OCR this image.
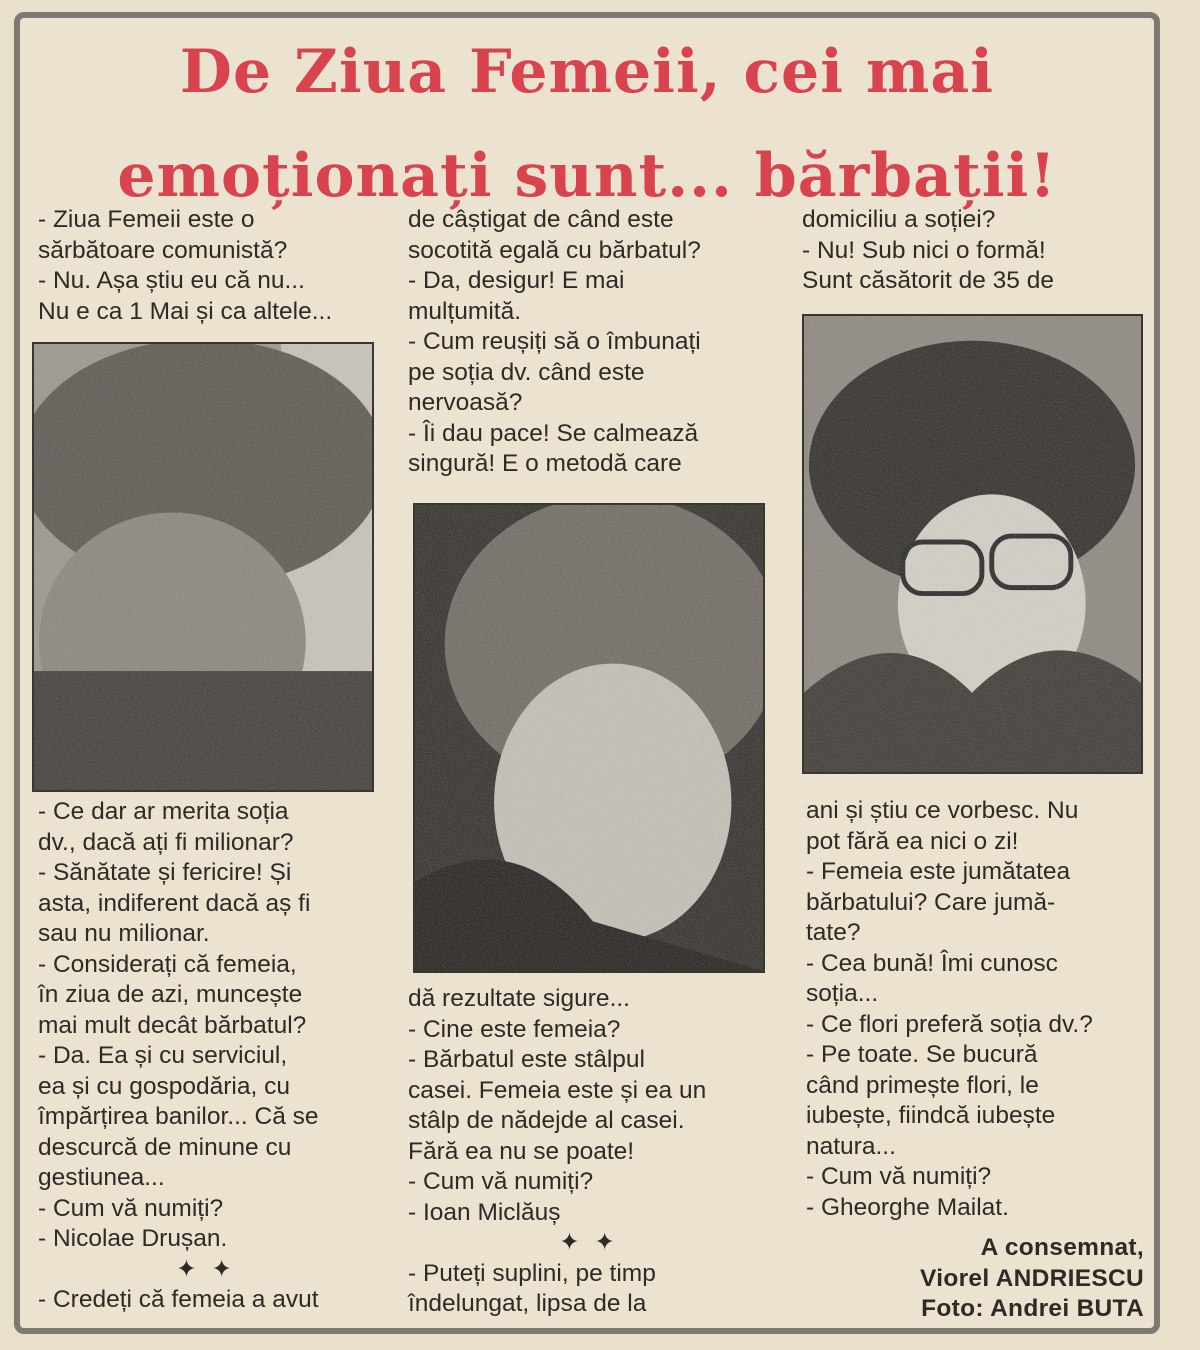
De Ziua Femeii, cei mai
emoționați sunt... bărbații!

- Ziua Femeii este o

sărbătoare comunistă?

- Nu. Așa știu eu că nu...

Nu e ca 1 Mai și ca altele...

- Ce dar ar merita soția

dv., dacă ați fi milionar?

- Sănătate și fericire! Și

asta, indiferent dacă aș fi

sau nu milionar.

- Considerați că femeia,

în ziua de azi, muncește

mai mult decât bărbatul?

- Da. Ea și cu serviciul,

ea și cu gospodăria, cu

împărțirea banilor... Că se

descurcă de minune cu

gestiunea...

- Cum vă numiți?

- Nicolae Drușan.

✦ ✦

- Credeți că femeia a avut

de câștigat de când este

socotită egală cu bărbatul?

- Da, desigur! E mai

mulțumită.

- Cum reușiți să o îmbunați

pe soția dv. când este

nervoasă?

- Îi dau pace! Se calmează

singură! E o metodă care

dă rezultate sigure...

- Cine este femeia?

- Bărbatul este stâlpul

casei. Femeia este și ea un

stâlp de nădejde al casei.

Fără ea nu se poate!

- Cum vă numiți?

- Ioan Miclăuș

✦ ✦

- Puteți suplini, pe timp

îndelungat, lipsa de la

domiciliu a soției?

- Nu! Sub nici o formă!

Sunt căsătorit de 35 de

ani și știu ce vorbesc. Nu

pot fără ea nici o zi!

- Femeia este jumătatea

bărbatului? Care jumă-

tate?

- Cea bună! Îmi cunosc

soția...

- Ce flori preferă soția dv.?

- Pe toate. Se bucură

când primește flori, le

iubește, fiindcă iubește

natura...

- Cum vă numiți?

- Gheorghe Mailat.

A consemnat,

Viorel ANDRIESCU

Foto: Andrei BUTA
